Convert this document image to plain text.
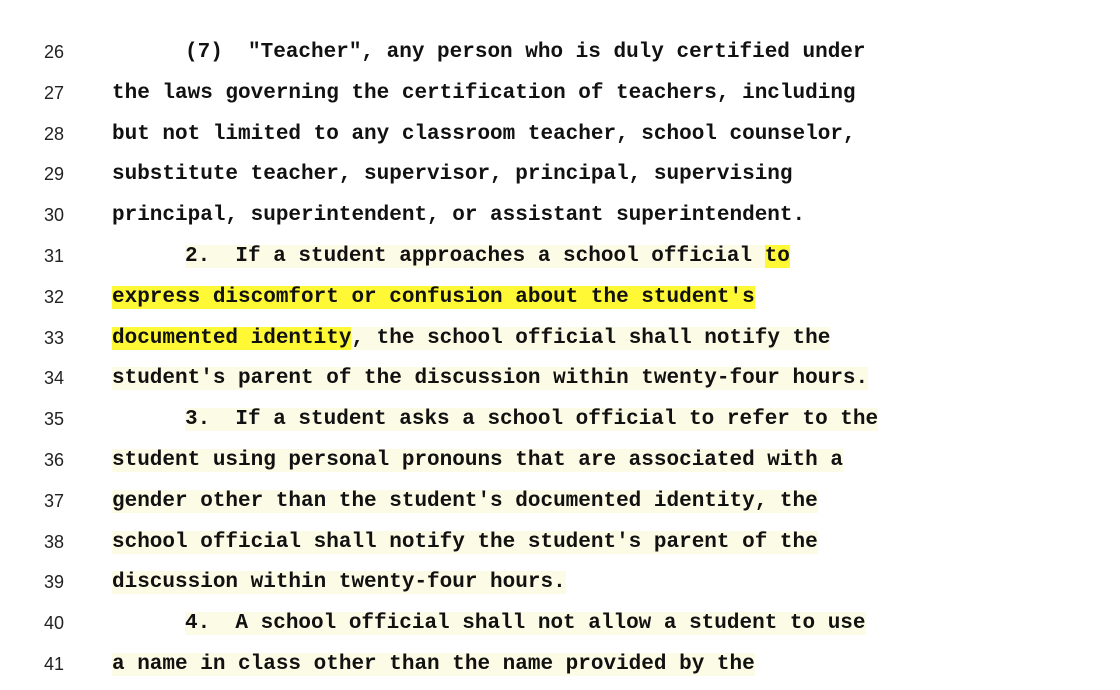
26	(7)  "Teacher", any person who is duly certified under
27	the laws governing the certification of teachers, including
28	but not limited to any classroom teacher, school counselor,
29	substitute teacher, supervisor, principal, supervising
30	principal, superintendent, or assistant superintendent.
31	2.  If a student approaches a school official to
32	express discomfort or confusion about the student's
33	documented identity, the school official shall notify the
34	student's parent of the discussion within twenty-four hours.
35	3.  If a student asks a school official to refer to the
36	student using personal pronouns that are associated with a
37	gender other than the student's documented identity, the
38	school official shall notify the student's parent of the
39	discussion within twenty-four hours.
40	4.  A school official shall not allow a student to use
41	a name in class other than the name provided by the
